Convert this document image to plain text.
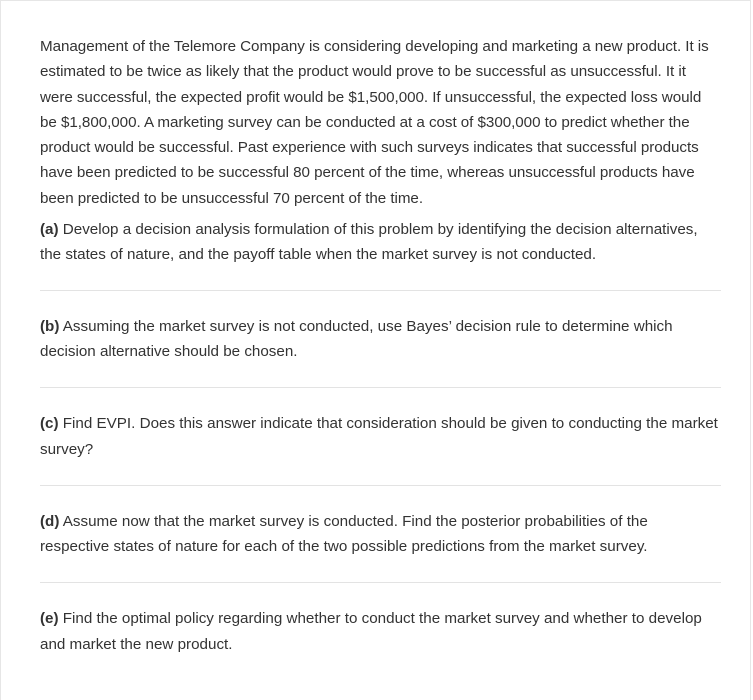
Management of the Telemore Company is considering developing and marketing a new product. It is estimated to be twice as likely that the product would prove to be successful as unsuccessful. It it were successful, the expected profit would be $1,500,000. If unsuccessful, the expected loss would be $1,800,000. A marketing survey can be conducted at a cost of $300,000 to predict whether the product would be successful. Past experience with such surveys indicates that successful products have been predicted to be successful 80 percent of the time, whereas unsuccessful products have been predicted to be unsuccessful 70 percent of the time.

(a) Develop a decision analysis formulation of this problem by identifying the decision alternatives, the states of nature, and the payoff table when the market survey is not conducted.

(b) Assuming the market survey is not conducted, use Bayes’ decision rule to determine which decision alternative should be chosen.

(c) Find EVPI. Does this answer indicate that consideration should be given to conducting the market survey?

(d) Assume now that the market survey is conducted. Find the posterior probabilities of the respective states of nature for each of the two possible predictions from the market survey.

(e) Find the optimal policy regarding whether to conduct the market survey and whether to develop and market the new product.
